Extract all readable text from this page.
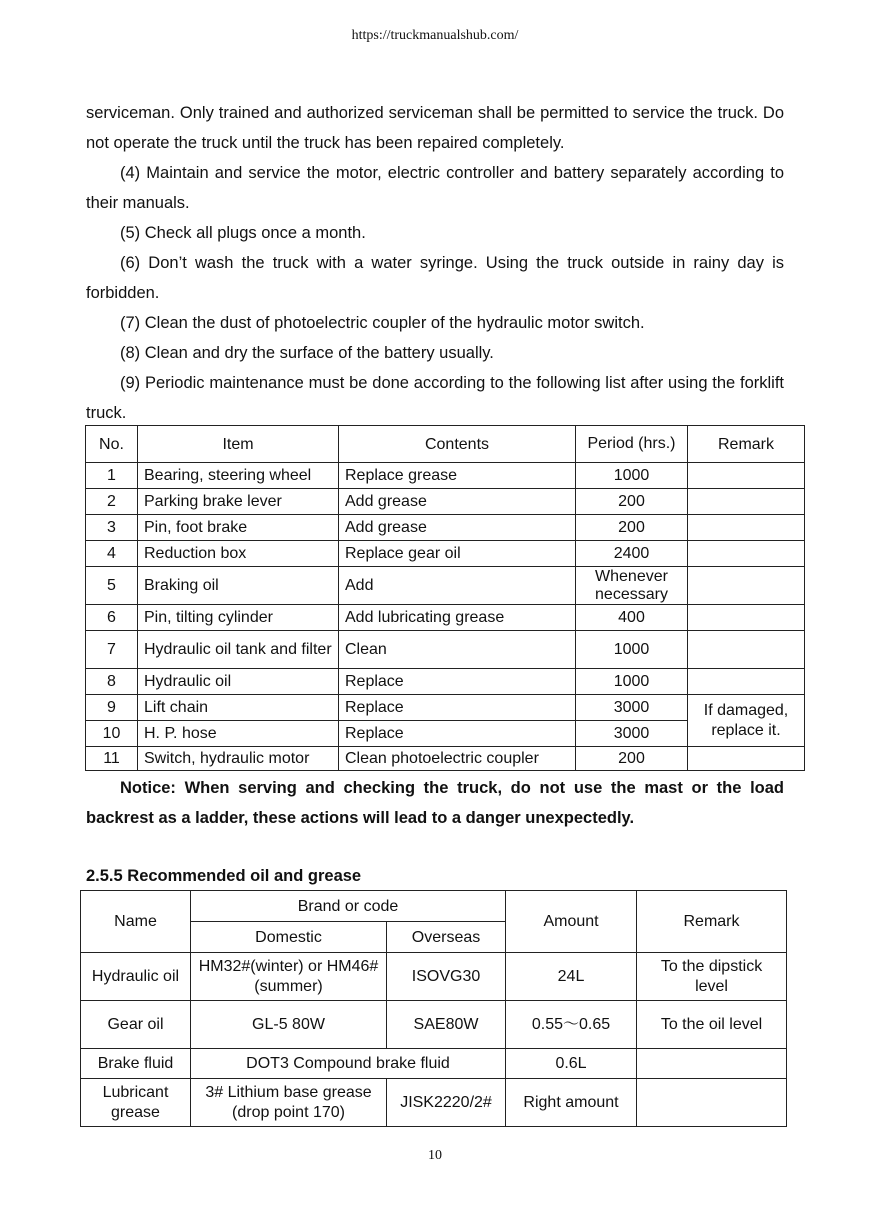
https://truckmanualshub.com/

serviceman. Only trained and authorized serviceman shall be permitted to service the truck. Do not operate the truck until the truck has been repaired completely.

(4) Maintain and service the motor, electric controller and battery separately according to their manuals.

(5) Check all plugs once a month.

(6) Don’t wash the truck with a water syringe. Using the truck outside in rainy day is forbidden.

(7) Clean the dust of photoelectric coupler of the hydraulic motor switch.

(8) Clean and dry the surface of the battery usually.

(9) Periodic maintenance must be done according to the following list after using the forklift truck.

No.	Item	Contents	Period (hrs.)	Remark
1	Bearing, steering wheel	Replace grease	1000	
2	Parking brake lever	Add grease	200	
3	Pin, foot brake	Add grease	200	
4	Reduction box	Replace gear oil	2400	
5	Braking oil	Add	Whenever necessary	
6	Pin, tilting cylinder	Add lubricating grease	400	
7	Hydraulic oil tank and filter	Clean	1000	
8	Hydraulic oil	Replace	1000	
9	Lift chain	Replace	3000	If damaged, replace it.
10	H. P. hose	Replace	3000	
11	Switch, hydraulic motor	Clean photoelectric coupler	200	

Notice: When serving and checking the truck, do not use the mast or the load backrest as a ladder, these actions will lead to a danger unexpectedly.

2.5.5 Recommended oil and grease

Name	Brand or code		Amount	Remark
	Domestic	Overseas		
Hydraulic oil	HM32#(winter) or HM46#(summer)	ISOVG30	24L	To the dipstick level
Gear oil	GL-5 80W	SAE80W	0.55～0.65	To the oil level
Brake fluid	DOT3 Compound brake fluid		0.6L	
Lubricant grease	3# Lithium base grease (drop point 170)	JISK2220/2#	Right amount	
10
